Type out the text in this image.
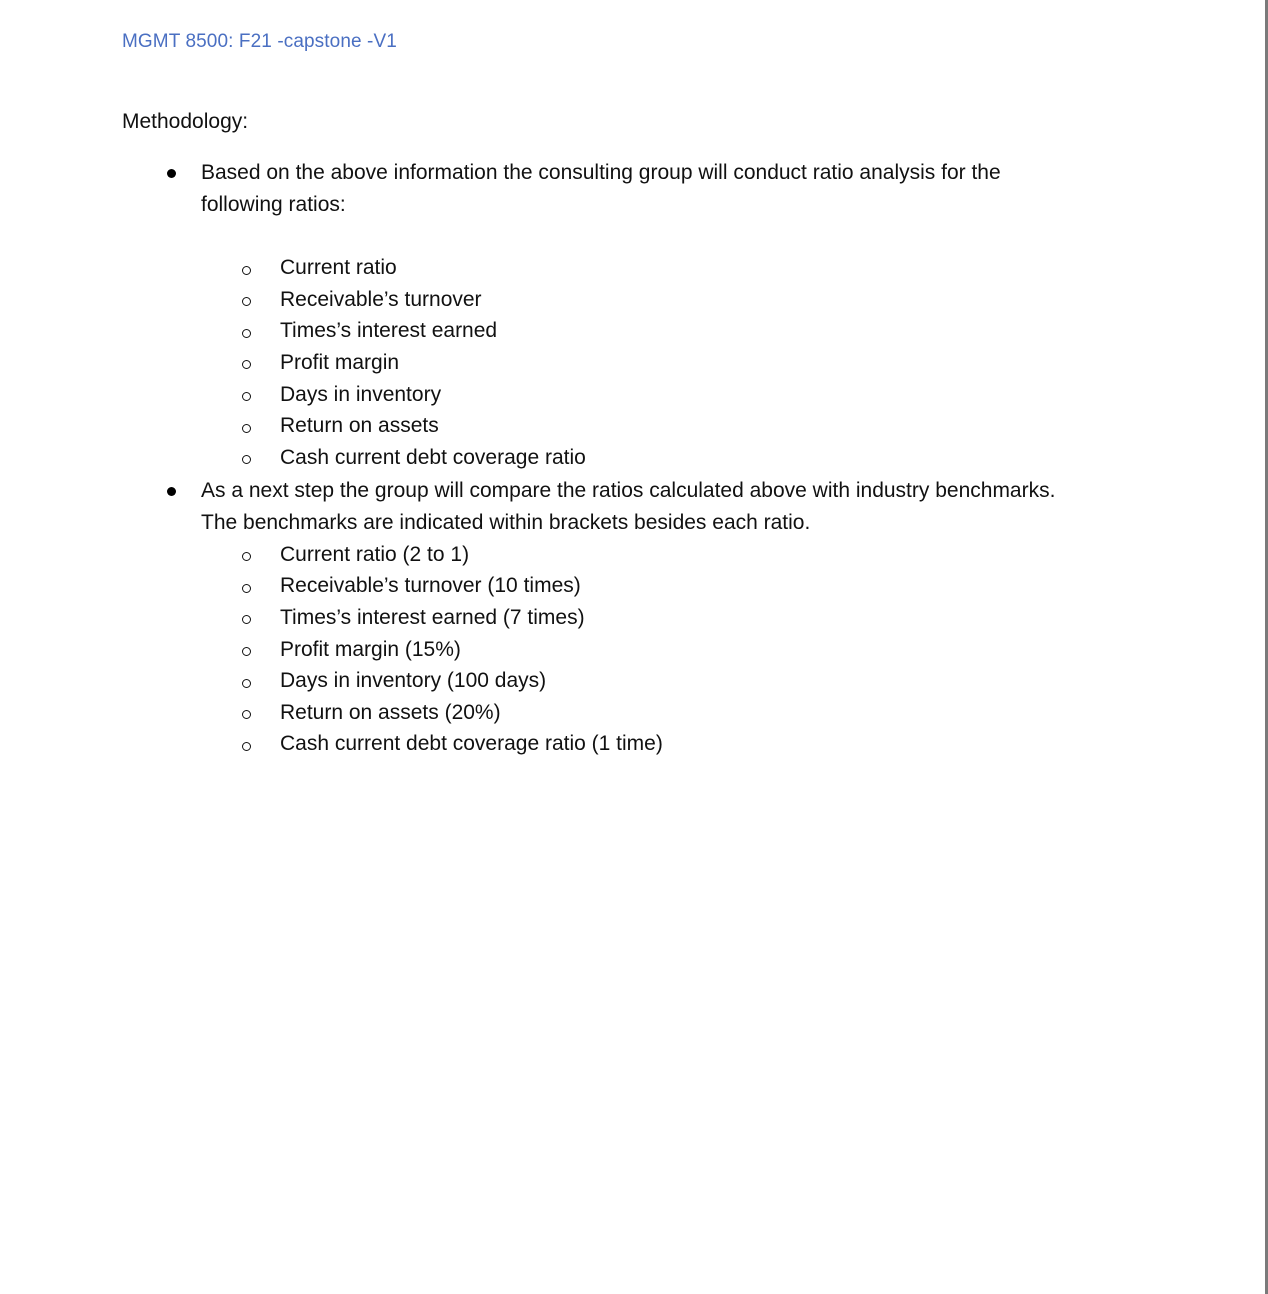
MGMT 8500: F21 -capstone -V1
Methodology:
Based on the above information the consulting group will conduct ratio analysis for the
following ratios:
Current ratio
Receivable’s turnover
Times’s interest earned
Profit margin
Days in inventory
Return on assets
Cash current debt coverage ratio
As a next step the group will compare the ratios calculated above with industry benchmarks.
The benchmarks are indicated within brackets besides each ratio.
Current ratio (2 to 1)
Receivable’s turnover (10 times)
Times’s interest earned (7 times)
Profit margin (15%)
Days in inventory (100 days)
Return on assets (20%)
Cash current debt coverage ratio (1 time)
